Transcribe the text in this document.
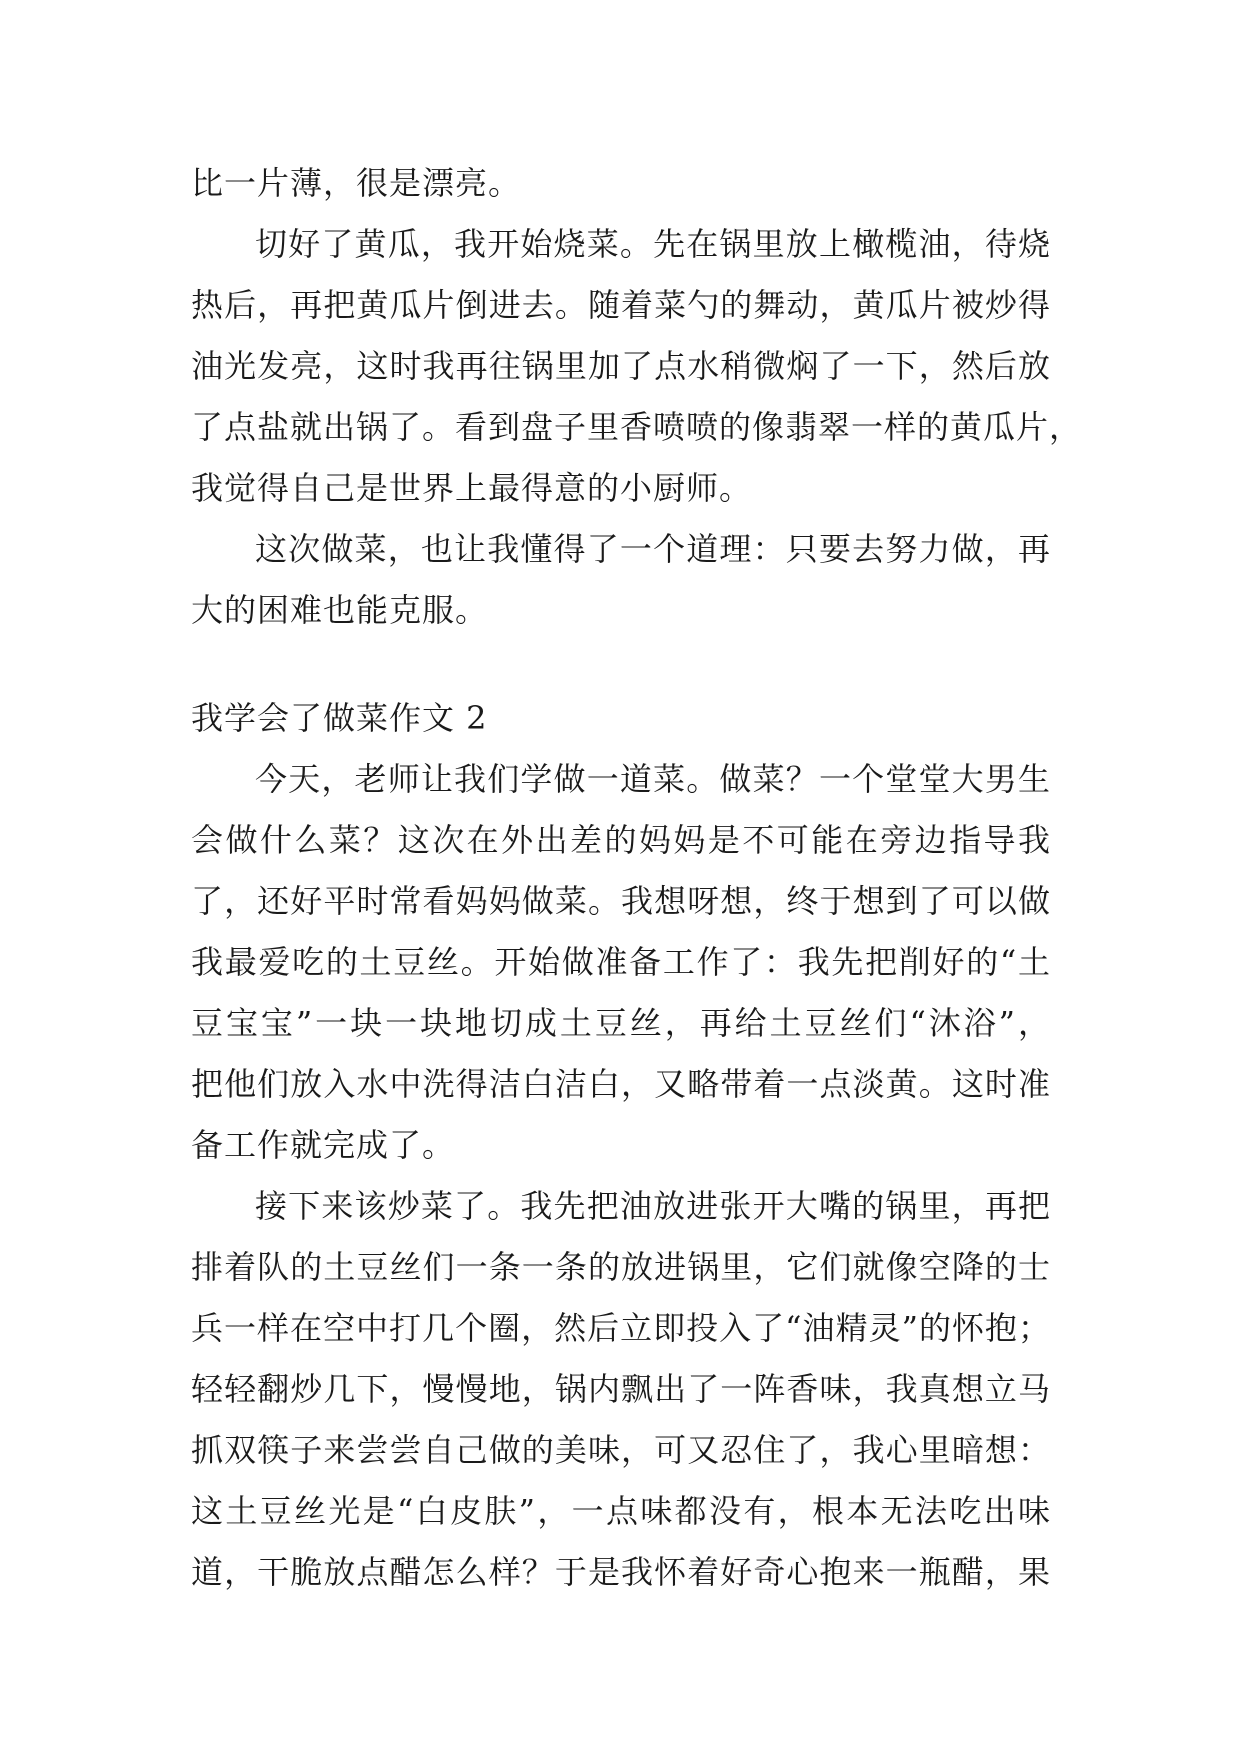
比一片薄，很是漂亮。
切好了黄瓜，我开始烧菜。先在锅里放上橄榄油，待烧
热后，再把黄瓜片倒进去。随着菜勺的舞动，黄瓜片被炒得
油光发亮，这时我再往锅里加了点水稍微焖了一下，然后放
了点盐就出锅了。看到盘子里香喷喷的像翡翠一样的黄瓜片，
我觉得自己是世界上最得意的小厨师。
这次做菜，也让我懂得了一个道理：只要去努力做，再
大的困难也能克服。
我学会了做菜作文 2
今天，老师让我们学做一道菜。做菜？一个堂堂大男生
会做什么菜？这次在外出差的妈妈是不可能在旁边指导我
了，还好平时常看妈妈做菜。我想呀想，终于想到了可以做
我最爱吃的土豆丝。开始做准备工作了：我先把削好的“土
豆宝宝”一块一块地切成土豆丝，再给土豆丝们“沐浴”，
把他们放入水中洗得洁白洁白，又略带着一点淡黄。这时准
备工作就完成了。
接下来该炒菜了。我先把油放进张开大嘴的锅里，再把
排着队的土豆丝们一条一条的放进锅里，它们就像空降的士
兵一样在空中打几个圈，然后立即投入了“油精灵”的怀抱；
轻轻翻炒几下，慢慢地，锅内飘出了一阵香味，我真想立马
抓双筷子来尝尝自己做的美味，可又忍住了，我心里暗想：
这土豆丝光是“白皮肤”，一点味都没有，根本无法吃出味
道，干脆放点醋怎么样？于是我怀着好奇心抱来一瓶醋，果
